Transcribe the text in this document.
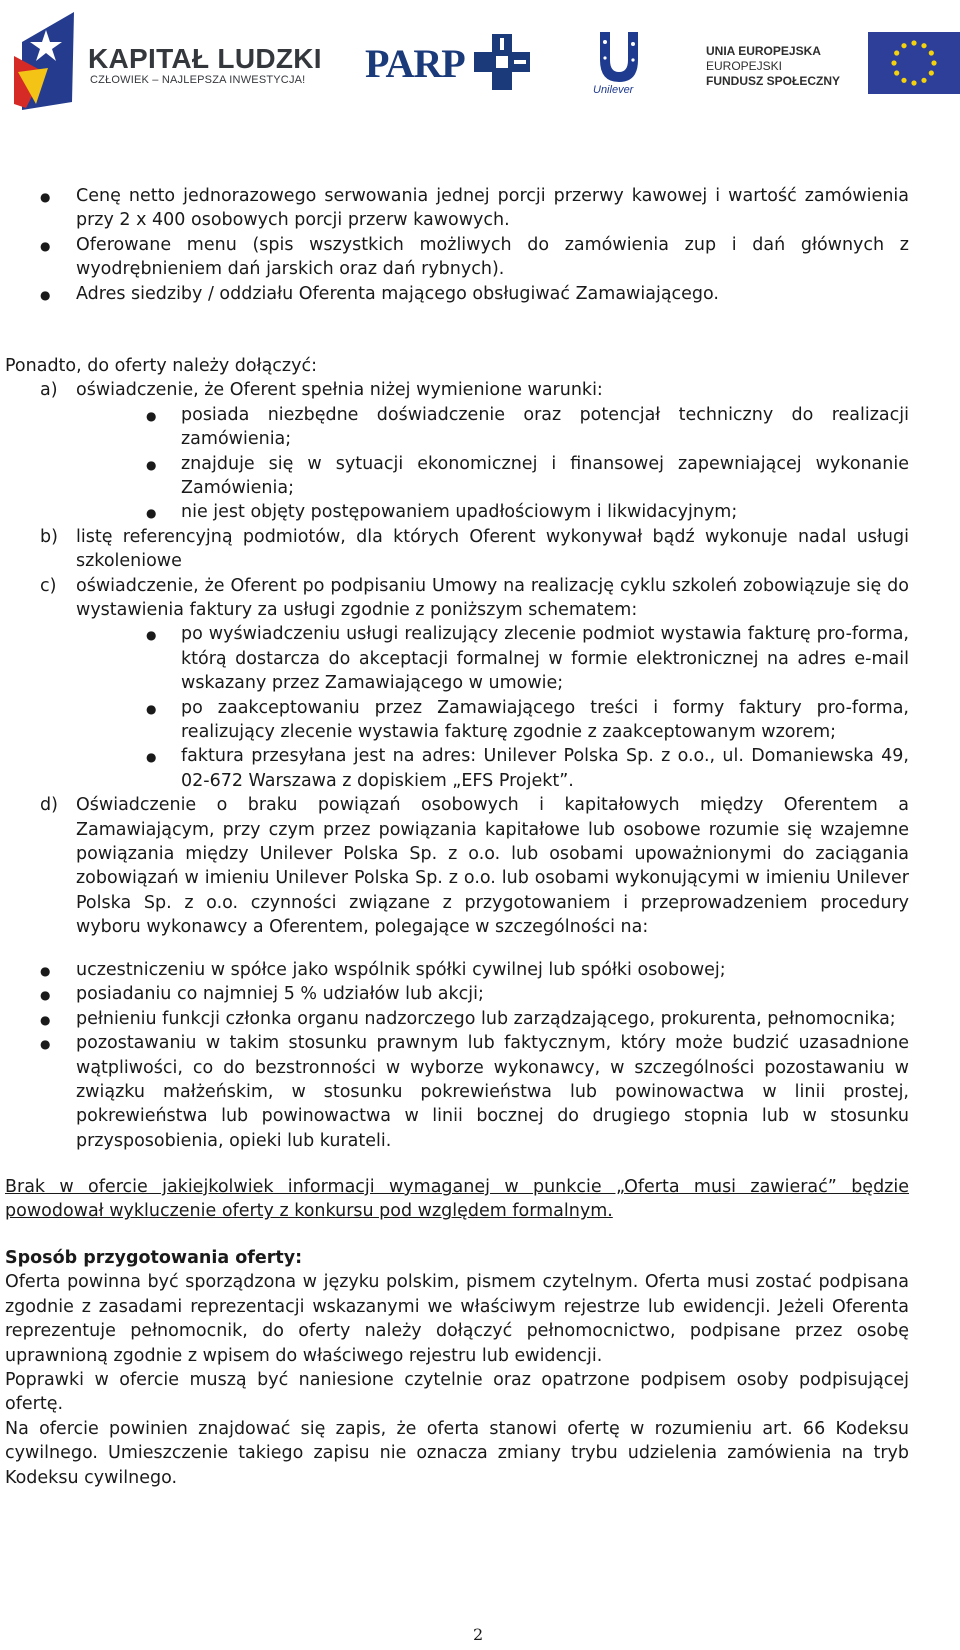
KAPITAŁ LUDZKI
CZŁOWIEK – NAJLEPSZA INWESTYCJA! PARP
Unilever
UNIA EUROPEJSKA
EUROPEJSKI
FUNDUSZ SPOŁECZNY
● Cenę netto jednorazowego serwowania jednej porcji przerwy kawowej i wartość zamówienia
przy 2 x 400 osobowych porcji przerw kawowych.
● Oferowane menu (spis wszystkich możliwych do zamówienia zup i dań głównych z
wyodrębnieniem dań jarskich oraz dań rybnych).
● Adres siedziby / oddziału Oferenta mającego obsługiwać Zamawiającego.
Ponadto, do oferty należy dołączyć:
a) oświadczenie, że Oferent spełnia niżej wymienione warunki:
● posiada niezbędne doświadczenie oraz potencjał techniczny do realizacji
zamówienia;
● znajduje się w sytuacji ekonomicznej i finansowej zapewniającej wykonanie
Zamówienia;
● nie jest objęty postępowaniem upadłościowym i likwidacyjnym;
b) listę referencyjną podmiotów, dla których Oferent wykonywał bądź wykonuje nadal usługi
szkoleniowe
c) oświadczenie, że Oferent po podpisaniu Umowy na realizację cyklu szkoleń zobowiązuje się do
wystawienia faktury za usługi zgodnie z poniższym schematem:
● po wyświadczeniu usługi realizujący zlecenie podmiot wystawia fakturę pro-forma,
którą dostarcza do akceptacji formalnej w formie elektronicznej na adres e-mail
wskazany przez Zamawiającego w umowie;
● po zaakceptowaniu przez Zamawiającego treści i formy faktury pro-forma,
realizujący zlecenie wystawia fakturę zgodnie z zaakceptowanym wzorem;
● faktura przesyłana jest na adres: Unilever Polska Sp. z o.o., ul. Domaniewska 49,
02-672 Warszawa z dopiskiem „EFS Projekt”.
d) Oświadczenie o braku powiązań osobowych i kapitałowych między Oferentem a
Zamawiającym, przy czym przez powiązania kapitałowe lub osobowe rozumie się wzajemne
powiązania między Unilever Polska Sp. z o.o. lub osobami upoważnionymi do zaciągania
zobowiązań w imieniu Unilever Polska Sp. z o.o. lub osobami wykonującymi w imieniu Unilever
Polska Sp. z o.o. czynności związane z przygotowaniem i przeprowadzeniem procedury
wyboru wykonawcy a Oferentem, polegające w szczególności na:
● uczestniczeniu w spółce jako wspólnik spółki cywilnej lub spółki osobowej;
● posiadaniu co najmniej 5 % udziałów lub akcji;
● pełnieniu funkcji członka organu nadzorczego lub zarządzającego, prokurenta, pełnomocnika;
● pozostawaniu w takim stosunku prawnym lub faktycznym, który może budzić uzasadnione
wątpliwości, co do bezstronności w wyborze wykonawcy, w szczególności pozostawaniu w
związku małżeńskim, w stosunku pokrewieństwa lub powinowactwa w linii prostej,
pokrewieństwa lub powinowactwa w linii bocznej do drugiego stopnia lub w stosunku
przysposobienia, opieki lub kurateli.
Brak w ofercie jakiejkolwiek informacji wymaganej w punkcie „Oferta musi zawierać” będzie
powodował wykluczenie oferty z konkursu pod względem formalnym.
Sposób przygotowania oferty:
Oferta powinna być sporządzona w języku polskim, pismem czytelnym. Oferta musi zostać podpisana
zgodnie z zasadami reprezentacji wskazanymi we właściwym rejestrze lub ewidencji. Jeżeli Oferenta
reprezentuje pełnomocnik, do oferty należy dołączyć pełnomocnictwo, podpisane przez osobę
uprawnioną zgodnie z wpisem do właściwego rejestru lub ewidencji.
Poprawki w ofercie muszą być naniesione czytelnie oraz opatrzone podpisem osoby podpisującej
ofertę.
Na ofercie powinien znajdować się zapis, że oferta stanowi ofertę w rozumieniu art. 66 Kodeksu
cywilnego. Umieszczenie takiego zapisu nie oznacza zmiany trybu udzielenia zamówienia na tryb
Kodeksu cywilnego.
2
